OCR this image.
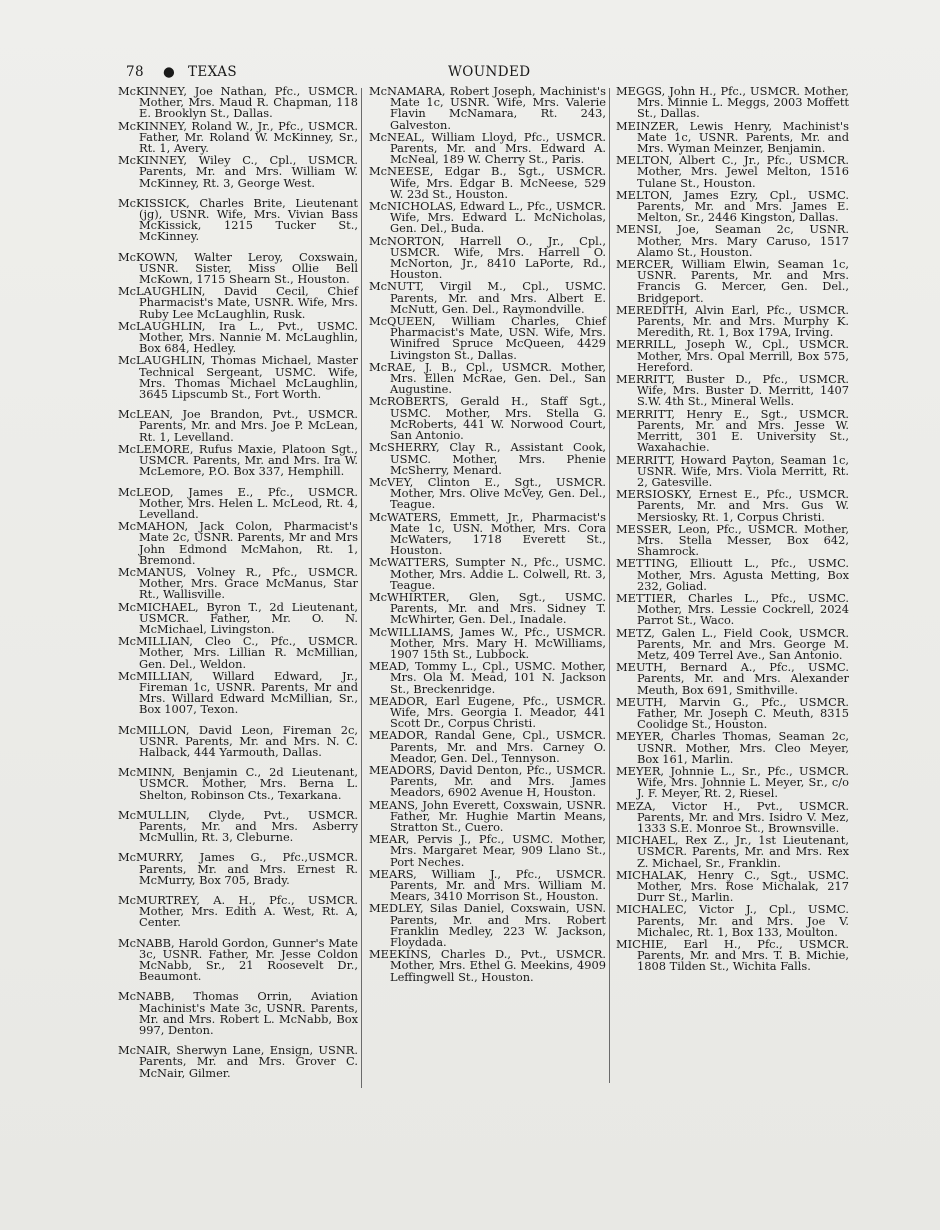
78 ● TEXAS	WOUNDED

McKINNEY, Joe Nathan, Pfc., USMCR. Mother, Mrs. Maud R. Chapman, 118 E. Brooklyn St., Dallas.

McKINNEY, Roland W., Jr., Pfc., USMCR. Father, Mr. Roland W. McKinney, Sr., Rt. 1, Avery.

McKINNEY, Wiley C., Cpl., USMCR. Parents, Mr. and Mrs. William W. McKinney, Rt. 3, George West.

McKISSICK, Charles Brite, Lieutenant (jg), USNR. Wife, Mrs. Vivian Bass McKissick, 1215 Tucker St., McKinney.

McKOWN, Walter Leroy, Coxswain, USNR. Sister, Miss Ollie Bell McKown, 1715 Shearn St., Houston.

McLAUGHLIN, David Cecil, Chief Pharmacist's Mate, USNR. Wife, Mrs. Ruby Lee McLaughlin, Rusk.

McLAUGHLIN, Ira L., Pvt., USMC. Mother, Mrs. Nannie M. McLaughlin, Box 684, Hedley.

McLAUGHLIN, Thomas Michael, Master Technical Sergeant, USMC. Wife, Mrs. Thomas Michael McLaughlin, 3645 Lipscumb St., Fort Worth.

McLEAN, Joe Brandon, Pvt., USMCR. Parents, Mr. and Mrs. Joe P. McLean, Rt. 1, Levelland.

McLEMORE, Rufus Maxie, Platoon Sgt., USMCR. Parents, Mr. and Mrs. Ira W. McLemore, P.O. Box 337, Hemphill.

McLEOD, James E., Pfc., USMCR. Mother, Mrs. Helen L. McLeod, Rt. 4, Levelland.

McMAHON, Jack Colon, Pharmacist's Mate 2c, USNR. Parents, Mr and Mrs John Edmond McMahon, Rt. 1, Bremond.

McMANUS, Volney R., Pfc., USMCR. Mother, Mrs. Grace McManus, Star Rt., Wallisville.

McMICHAEL, Byron T., 2d Lieutenant, USMCR. Father, Mr. O. N. McMichael, Livingston.

McMILLIAN, Cleo C., Pfc., USMCR. Mother, Mrs. Lillian R. McMillian, Gen. Del., Weldon.

McMILLIAN, Willard Edward, Jr., Fireman 1c, USNR. Parents, Mr and Mrs. Willard Edward McMillian, Sr., Box 1007, Texon.

McMILLON, David Leon, Fireman 2c, USNR. Parents, Mr. and Mrs. N. C. Halback, 444 Yarmouth, Dallas.

McMINN, Benjamin C., 2d Lieutenant, USMCR. Mother, Mrs. Berna L. Shelton, Robinson Cts., Texarkana.

McMULLIN, Clyde, Pvt., USMCR. Parents, Mr. and Mrs. Asberry McMullin, Rt. 3, Cleburne.

McMURRY, James G., Pfc.,USMCR. Parents, Mr. and Mrs. Ernest R. McMurry, Box 705, Brady.

McMURTREY, A. H., Pfc., USMCR. Mother, Mrs. Edith A. West, Rt. A, Center.

McNABB, Harold Gordon, Gunner's Mate 3c, USNR. Father, Mr. Jesse Coldon McNabb, Sr., 21 Roosevelt Dr., Beaumont.

McNABB, Thomas Orrin, Aviation Machinist's Mate 3c, USNR. Parents, Mr. and Mrs. Robert L. McNabb, Box 997, Denton.

McNAIR, Sherwyn Lane, Ensign, USNR. Parents, Mr. and Mrs. Grover C. McNair, Gilmer.

McNAMARA, Robert Joseph, Machinist's Mate 1c, USNR. Wife, Mrs. Valerie Flavin McNamara, Rt. 243, Galveston.

McNEAL, William Lloyd, Pfc., USMCR. Parents, Mr. and Mrs. Edward A. McNeal, 189 W. Cherry St., Paris.

McNEESE, Edgar B., Sgt., USMCR. Wife, Mrs. Edgar B. McNeese, 529 W. 23d St., Houston.

McNICHOLAS, Edward L., Pfc., USMCR. Wife, Mrs. Edward L. McNicholas, Gen. Del., Buda.

McNORTON, Harrell O., Jr., Cpl., USMCR. Wife, Mrs. Harrell O. McNorton, Jr., 8410 LaPorte, Rd., Houston.

McNUTT, Virgil M., Cpl., USMC. Parents, Mr. and Mrs. Albert E. McNutt, Gen. Del., Raymondville.

McQUEEN, William Charles, Chief Pharmacist's Mate, USN. Wife, Mrs. Winifred Spruce McQueen, 4429 Livingston St., Dallas.

McRAE, J. B., Cpl., USMCR. Mother, Mrs. Ellen McRae, Gen. Del., San Augustine.

McROBERTS, Gerald H., Staff Sgt., USMC. Mother, Mrs. Stella G. McRoberts, 441 W. Norwood Court, San Antonio.

McSHERRY, Clay R., Assistant Cook, USMC. Mother, Mrs. Phenie McSherry, Menard.

McVEY, Clinton E., Sgt., USMCR. Mother, Mrs. Olive McVey, Gen. Del., Teague.

McWATERS, Emmett, Jr., Pharmacist's Mate 1c, USN. Mother, Mrs. Cora McWaters, 1718 Everett St., Houston.

McWATTERS, Sumpter N., Pfc., USMC. Mother, Mrs. Addie L. Colwell, Rt. 3, Teague.

McWHIRTER, Glen, Sgt., USMC. Parents, Mr. and Mrs. Sidney T. McWhirter, Gen. Del., Inadale.

McWILLIAMS, James W., Pfc., USMCR. Mother, Mrs. Mary H. McWilliams, 1907 15th St., Lubbock.

MEAD, Tommy L., Cpl., USMC. Mother, Mrs. Ola M. Mead, 101 N. Jackson St., Breckenridge.

MEADOR, Earl Eugene, Pfc., USMCR. Wife, Mrs. Georgia I. Meador, 441 Scott Dr., Corpus Christi.

MEADOR, Randal Gene, Cpl., USMCR. Parents, Mr. and Mrs. Carney O. Meador, Gen. Del., Tennyson.

MEADORS, David Denton, Pfc., USMCR. Parents, Mr. and Mrs. James Meadors, 6902 Avenue H, Houston.

MEANS, John Everett, Coxswain, USNR. Father, Mr. Hughie Martin Means, Stratton St., Cuero.

MEAR, Pervis J., Pfc., USMC. Mother, Mrs. Margaret Mear, 909 Llano St., Port Neches.

MEARS, William J., Pfc., USMCR. Parents, Mr. and Mrs. William M. Mears, 3410 Morrison St., Houston.

MEDLEY, Silas Daniel, Coxswain, USN. Parents, Mr. and Mrs. Robert Franklin Medley, 223 W. Jackson, Floydada.

MEEKINS, Charles D., Pvt., USMCR. Mother, Mrs. Ethel G. Meekins, 4909 Leffingwell St., Houston.

MEGGS, John H., Pfc., USMCR. Mother, Mrs. Minnie L. Meggs, 2003 Moffett St., Dallas.

MEINZER, Lewis Henry, Machinist's Mate 1c, USNR. Parents, Mr. and Mrs. Wyman Meinzer, Benjamin.

MELTON, Albert C., Jr., Pfc., USMCR. Mother, Mrs. Jewel Melton, 1516 Tulane St., Houston.

MELTON, James Ezry, Cpl., USMC. Parents, Mr. and Mrs. James E. Melton, Sr., 2446 Kingston, Dallas.

MENSI, Joe, Seaman 2c, USNR. Mother, Mrs. Mary Caruso, 1517 Alamo St., Houston.

MERCER, William Elwin, Seaman 1c, USNR. Parents, Mr. and Mrs. Francis G. Mercer, Gen. Del., Bridgeport.

MEREDITH, Alvin Earl, Pfc., USMCR. Parents, Mr. and Mrs. Murphy K. Meredith, Rt. 1, Box 179A, Irving.

MERRILL, Joseph W., Cpl., USMCR. Mother, Mrs. Opal Merrill, Box 575, Hereford.

MERRITT, Buster D., Pfc., USMCR. Wife, Mrs. Buster D. Merritt, 1407 S.W. 4th St., Mineral Wells.

MERRITT, Henry E., Sgt., USMCR. Parents, Mr. and Mrs. Jesse W. Merritt, 301 E. University St., Waxahachie.

MERRITT, Howard Payton, Seaman 1c, USNR. Wife, Mrs. Viola Merritt, Rt. 2, Gatesville.

MERSIOSKY, Ernest E., Pfc., USMCR. Parents, Mr. and Mrs. Gus W. Mersiosky, Rt. 1, Corpus Christi.

MESSER, Leon, Pfc., USMCR. Mother, Mrs. Stella Messer, Box 642, Shamrock.

METTING, Ellioutt L., Pfc., USMC. Mother, Mrs. Agusta Metting, Box 232, Goliad.

METTIER, Charles L., Pfc., USMC. Mother, Mrs. Lessie Cockrell, 2024 Parrot St., Waco.

METZ, Galen L., Field Cook, USMCR. Parents, Mr. and Mrs. George M. Metz, 409 Terrel Ave., San Antonio.

MEUTH, Bernard A., Pfc., USMC. Parents, Mr. and Mrs. Alexander Meuth, Box 691, Smithville.

MEUTH, Marvin G., Pfc., USMCR. Father, Mr. Joseph C. Meuth, 8315 Coolidge St., Houston.

MEYER, Charles Thomas, Seaman 2c, USNR. Mother, Mrs. Cleo Meyer, Box 161, Marlin.

MEYER, Johnnie L., Sr., Pfc., USMCR. Wife, Mrs. Johnnie L. Meyer, Sr., c/o J. F. Meyer, Rt. 2, Riesel.

MEZA, Victor H., Pvt., USMCR. Parents, Mr. and Mrs. Isidro V. Mez, 1333 S.E. Monroe St., Brownsville.

MICHAEL, Rex Z., Jr., 1st Lieutenant, USMCR. Parents, Mr. and Mrs. Rex Z. Michael, Sr., Franklin.

MICHALAK, Henry C., Sgt., USMC. Mother, Mrs. Rose Michalak, 217 Durr St., Marlin.

MICHALEC, Victor J., Cpl., USMC. Parents, Mr. and Mrs. Joe V. Michalec, Rt. 1, Box 133, Moulton.

MICHIE, Earl H., Pfc., USMCR. Parents, Mr. and Mrs. T. B. Michie, 1808 Tilden St., Wichita Falls.
